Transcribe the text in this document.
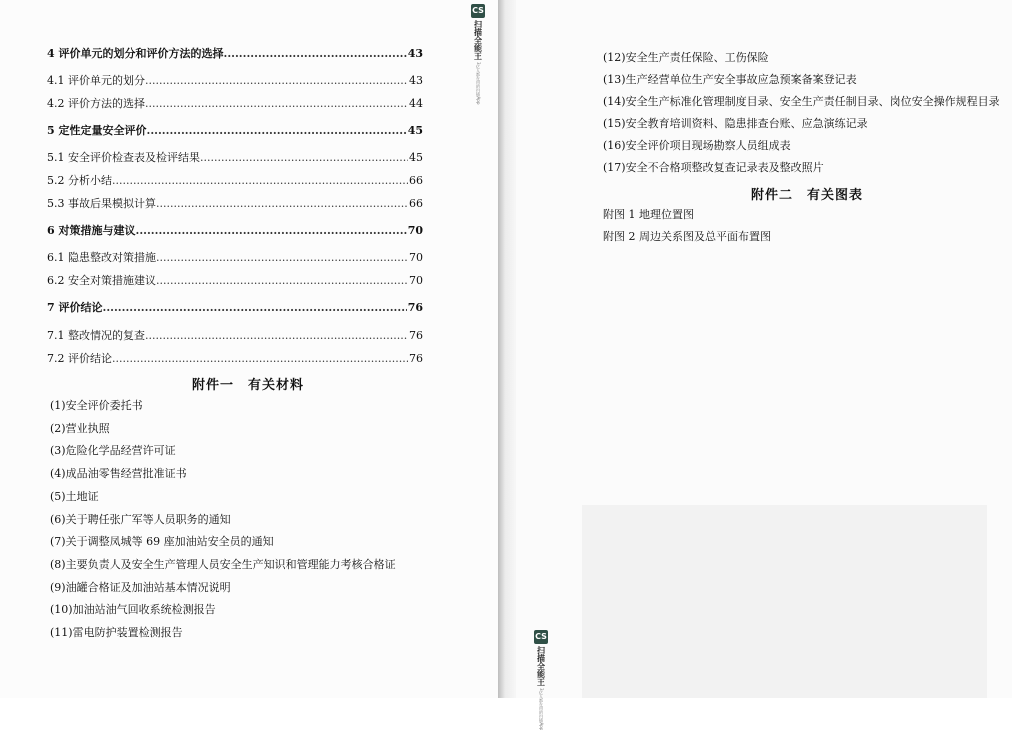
4 评价单元的划分和评价方法的选择 .....	43
4.1 评价单元的划分 .....	43
4.2 评价方法的选择 .....	44
5 定性定量安全评价 .....	45
5.1 安全评价检查表及检评结果 .....	45
5.2 分析小结 .....	66
5.3 事故后果模拟计算 .....	66
6 对策措施与建议 .....	70
6.1 隐患整改对策措施 .....	70
6.2 安全对策措施建议 .....	70
7 评价结论 .....	76
7.1 整改情况的复查 .....	76
7.2 评价结论 .....	76
附件一　有关材料
(1)安全评价委托书
(2)营业执照
(3)危险化学品经营许可证
(4)成品油零售经营批准证书
(5)土地证
(6)关于聘任张广军等人员职务的通知
(7)关于调整凤城等 69 座加油站安全员的通知
(8)主要负责人及安全生产管理人员安全生产知识和管理能力考核合格证
(9)油罐合格证及加油站基本情况说明
(10)加油站油气回收系统检测报告
(11)雷电防护装置检测报告
CS
扫描全能王
3亿人都在用的扫描App
(12)安全生产责任保险、工伤保险
(13)生产经营单位生产安全事故应急预案备案登记表
(14)安全生产标准化管理制度目录、安全生产责任制目录、岗位安全操作规程目录
(15)安全教育培训资料、隐患排查台账、应急演练记录
(16)安全评价项目现场勘察人员组成表
(17)安全不合格项整改复查记录表及整改照片
附件二　有关图表
附图 1 地理位置图
附图 2 周边关系图及总平面布置图
CS
扫描全能王
3亿人都在用的扫描App
